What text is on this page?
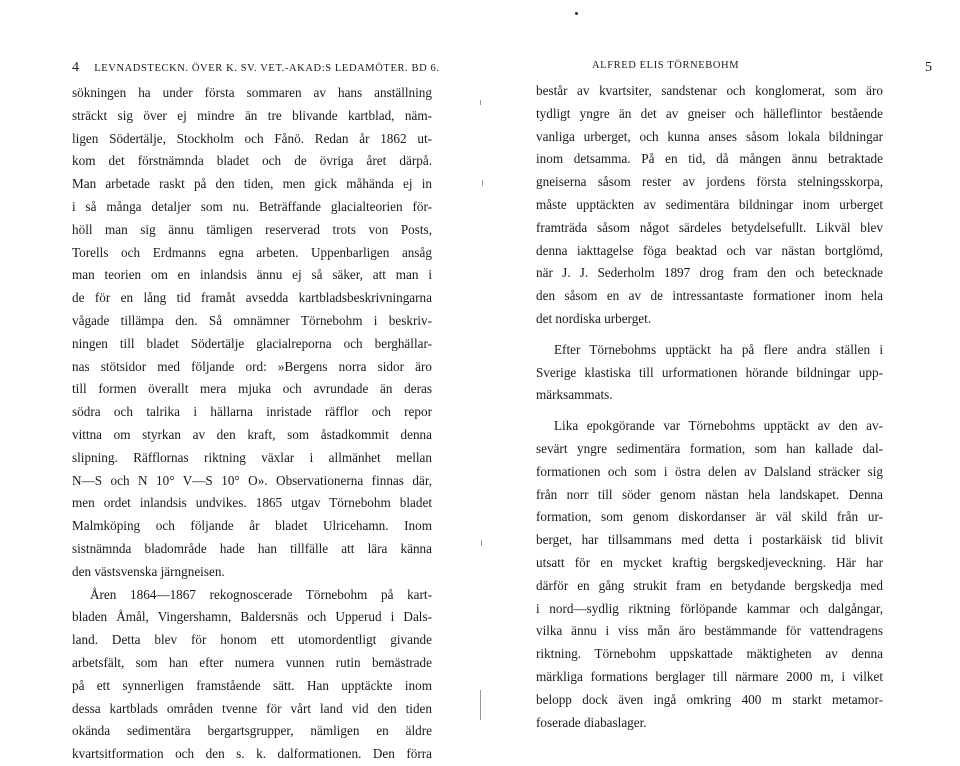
4 LEVNADSTECKN. ÖVER K. SV. VET.-AKAD:S LEDAMÖTER. BD 6.
sökningen ha under första sommaren av hans anställning
sträckt sig över ej mindre än tre blivande kartblad, näm-
ligen Södertälje, Stockholm och Fånö. Redan år 1862 ut-
kom det förstnämnda bladet och de övriga året därpå.
Man arbetade raskt på den tiden, men gick måhända ej in
i så många detaljer som nu. Beträffande glacialteorien för-
höll man sig ännu tämligen reserverad trots von Posts,
Torells och Erdmanns egna arbeten. Uppenbarligen ansåg
man teorien om en inlandsis ännu ej så säker, att man i
de för en lång tid framåt avsedda kartbladsbeskrivningarna
vågade tillämpa den. Så omnämner Törnebohm i beskriv-
ningen till bladet Södertälje glacialreporna och berghällar-
nas stötsidor med följande ord: »Bergens norra sidor äro
till formen överallt mera mjuka och avrundade än deras
södra och talrika i hällarna inristade räfflor och repor
vittna om styrkan av den kraft, som åstadkommit denna
slipning. Räfflornas riktning växlar i allmänhet mellan
N—S och N 10° V—S 10° O». Observationerna finnas där,
men ordet inlandsis undvikes. 1865 utgav Törnebohm bladet
Malmköping och följande år bladet Ulricehamn. Inom
sistnämnda bladområde hade han tillfälle att lära känna
den västsvenska järngneisen.
Åren 1864—1867 rekognoscerade Törnebohm på kart-
bladen Åmål, Vingershamn, Baldersnäs och Upperud i Dals-
land. Detta blev för honom ett utomordentligt givande
arbetsfält, som han efter numera vunnen rutin bemästrade
på ett synnerligen framstående sätt. Han upptäckte inom
dessa kartblads områden tvenne för vårt land vid den tiden
okända sedimentära bergartsgrupper, nämligen en äldre
kvartsitformation och den s. k. dalformationen. Den förra
ALFRED ELIS TÖRNEBOHM	5
består av kvartsiter, sandstenar och konglomerat, som äro
tydligt yngre än det av gneiser och hälleflintor bestående
vanliga urberget, och kunna anses såsom lokala bildningar
inom detsamma. På en tid, då mången ännu betraktade
gneiserna såsom rester av jordens första stelningsskorpa,
måste upptäckten av sedimentära bildningar inom urberget
framträda såsom något särdeles betydelsefullt. Likväl blev
denna iakttagelse föga beaktad och var nästan bortglömd,
när J. J. Sederholm 1897 drog fram den och betecknade
den såsom en av de intressantaste formationer inom hela
det nordiska urberget.
Efter Törnebohms upptäckt ha på flere andra ställen i
Sverige klastiska till urformationen hörande bildningar upp-
märksammats.
Lika epokgörande var Törnebohms upptäckt av den av-
sevärt yngre sedimentära formation, som han kallade dal-
formationen och som i östra delen av Dalsland sträcker sig
från norr till söder genom nästan hela landskapet. Denna
formation, som genom diskordanser är väl skild från ur-
berget, har tillsammans med detta i postarkäisk tid blivit
utsatt för en mycket kraftig bergskedjeveckning. Här har
därför en gång strukit fram en betydande bergskedja med
i nord—sydlig riktning förlöpande kammar och dalgångar,
vilka ännu i viss mån äro bestämmande för vattendragens
riktning. Törnebohm uppskattade mäktigheten av denna
märkliga formations berglager till närmare 2000 m, i vilket
belopp dock även ingå omkring 400 m starkt metamor-
foserade diabaslager.
